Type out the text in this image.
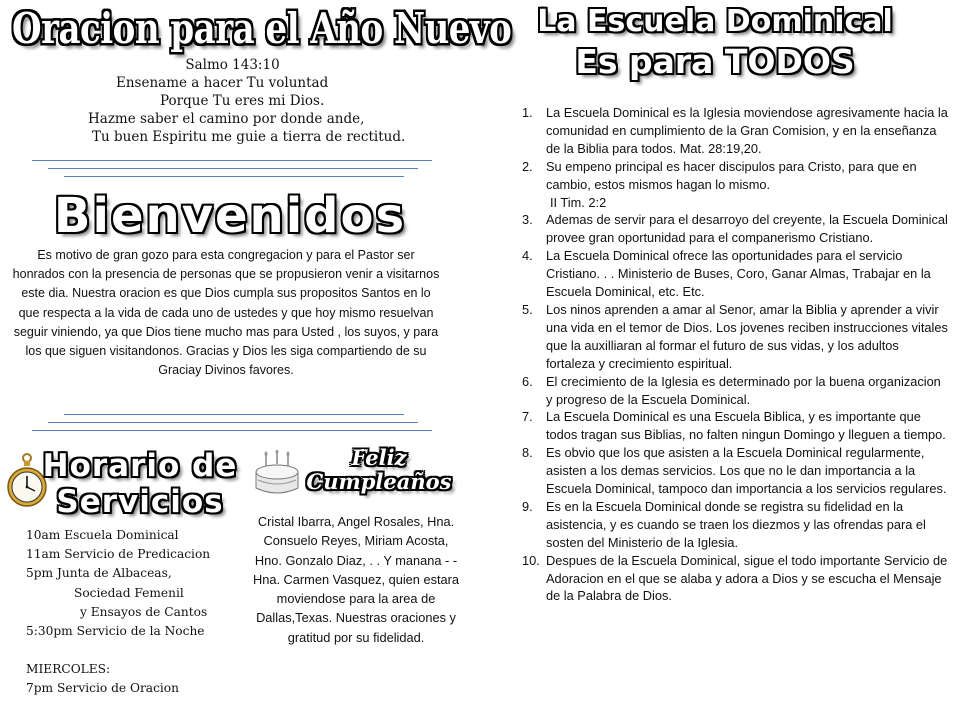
Oracion para el Año Nuevo
Salmo 143:10
Ensename a hacer Tu voluntad
Porque Tu eres mi Dios.
Hazme saber el camino por donde ande,
Tu buen Espiritu me guie a tierra de rectitud.
Bienvenidos
Es motivo de gran gozo para esta congregacion y para el Pastor ser honrados con la presencia de personas que se propusieron venir a visitarnos este dia. Nuestra oracion es que Dios cumpla sus propositos Santos en lo que respecta a la vida de cada uno de ustedes y que hoy mismo resuelvan seguir viniendo, ya que Dios tiene mucho mas para Usted , los suyos, y para los que siguen visitandonos. Gracias y Dios les siga compartiendo de su Graciay Divinos favores.
Horario de
Servicios
10am Escuela Dominical
11am Servicio de Predicacion
5pm Junta de Albaceas,
Sociedad Femenil
y Ensayos de Cantos
5:30pm Servicio de la Noche
MIERCOLES:
7pm Servicio de Oracion
Feliz
Cumpleaños
Cristal Ibarra, Angel Rosales, Hna. Consuelo Reyes, Miriam Acosta, Hno. Gonzalo Diaz, . . Y manana - - Hna. Carmen Vasquez, quien estara moviendose para la area de Dallas,Texas. Nuestras oraciones y gratitud por su fidelidad.
La Escuela Dominical
Es para TODOS
1. La Escuela Dominical es la Iglesia moviendose agresivamente hacia la comunidad en cumplimiento de la Gran Comision, y en la enseñanza de la Biblia para todos. Mat. 28:19,20.
2. Su empeno principal es hacer discipulos para Cristo, para que en cambio, estos mismos hagan lo mismo.
II Tim. 2:2
3. Ademas de servir para el desarroyo del creyente, la Escuela Dominical provee gran oportunidad para el companerismo Cristiano.
4. La Escuela Dominical ofrece las oportunidades para el servicio Cristiano. . . Ministerio de Buses, Coro, Ganar Almas, Trabajar en la Escuela Dominical, etc. Etc.
5. Los ninos aprenden a amar al Senor, amar la Biblia y aprender a vivir una vida en el temor de Dios. Los jovenes reciben instrucciones vitales que la auxilliaran al formar el futuro de sus vidas, y los adultos fortaleza y crecimiento espiritual.
6. El crecimiento de la Iglesia es determinado por la buena organizacion y progreso de la Escuela Dominical.
7. La Escuela Dominical es una Escuela Biblica, y es importante que todos tragan sus Biblias, no falten ningun Domingo y lleguen a tiempo.
8. Es obvio que los que asisten a la Escuela Dominical regularmente, asisten a los demas servicios. Los que no le dan importancia a la Escuela Dominical, tampoco dan importancia a los servicios regulares.
9. Es en la Escuela Dominical donde se registra su fidelidad en la asistencia, y es cuando se traen los diezmos y las ofrendas para el sosten del Ministerio de la Iglesia.
10. Despues de la Escuela Dominical, sigue el todo importante Servicio de Adoracion en el que se alaba y adora a Dios y se escucha el Mensaje de la Palabra de Dios.
